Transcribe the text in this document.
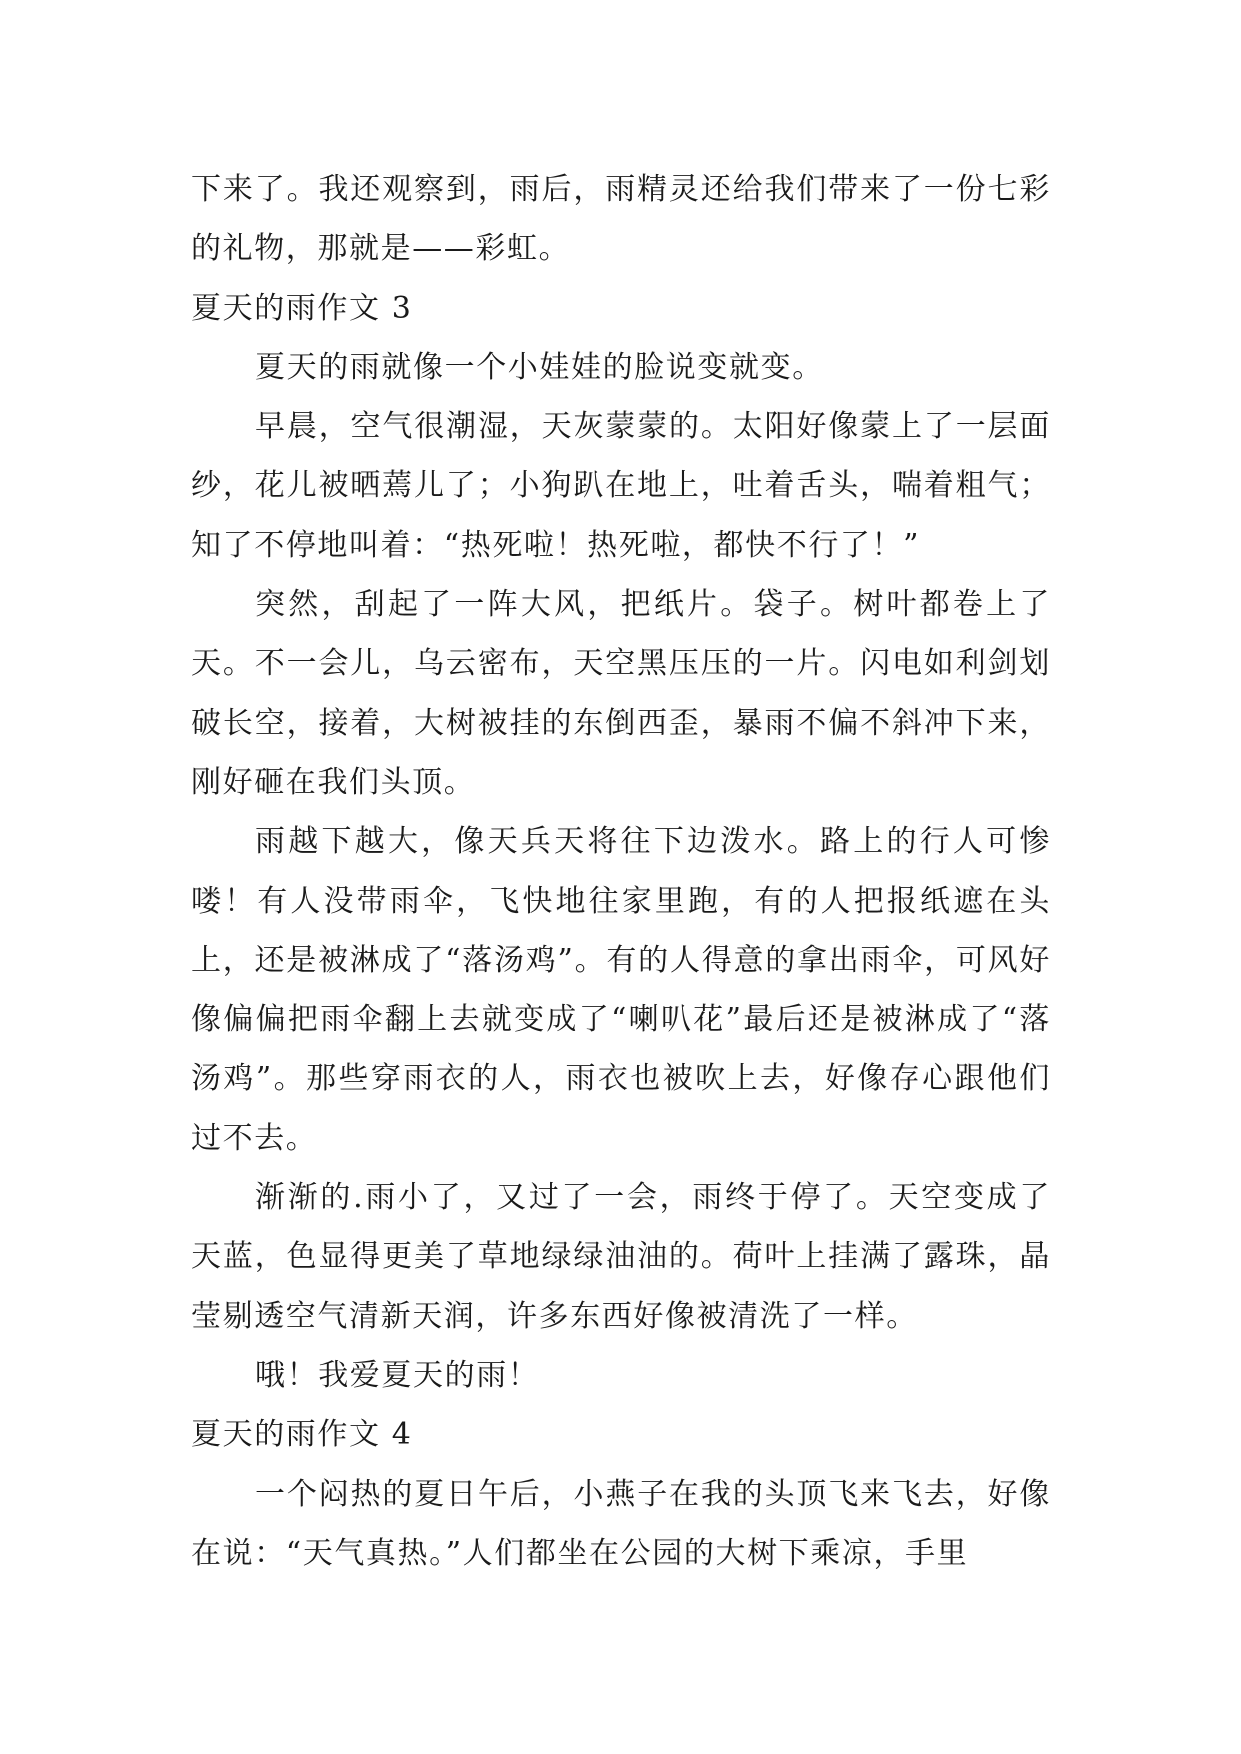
下来了。我还观察到，雨后，雨精灵还给我们带来了一份七彩的礼物，那就是——彩虹。

夏天的雨作文 3

夏天的雨就像一个小娃娃的脸说变就变。

早晨，空气很潮湿，天灰蒙蒙的。太阳好像蒙上了一层面纱，花儿被晒蔫儿了；小狗趴在地上，吐着舌头，喘着粗气；知了不停地叫着：“热死啦！热死啦，都快不行了！”

突然，刮起了一阵大风，把纸片。袋子。树叶都卷上了天。不一会儿，乌云密布，天空黑压压的一片。闪电如利剑划破长空，接着，大树被挂的东倒西歪，暴雨不偏不斜冲下来，刚好砸在我们头顶。

雨越下越大，像天兵天将往下边泼水。路上的行人可惨喽！有人没带雨伞，飞快地往家里跑，有的人把报纸遮在头上，还是被淋成了“落汤鸡”。有的人得意的拿出雨伞，可风好像偏偏把雨伞翻上去就变成了“喇叭花”最后还是被淋成了“落汤鸡”。那些穿雨衣的人，雨衣也被吹上去，好像存心跟他们过不去。

渐渐的.雨小了，又过了一会，雨终于停了。天空变成了天蓝，色显得更美了草地绿绿油油的。荷叶上挂满了露珠，晶莹剔透空气清新天润，许多东西好像被清洗了一样。

哦！我爱夏天的雨！

夏天的雨作文 4

一个闷热的夏日午后，小燕子在我的头顶飞来飞去，好像在说：“天气真热。”人们都坐在公园的大树下乘凉，手里
